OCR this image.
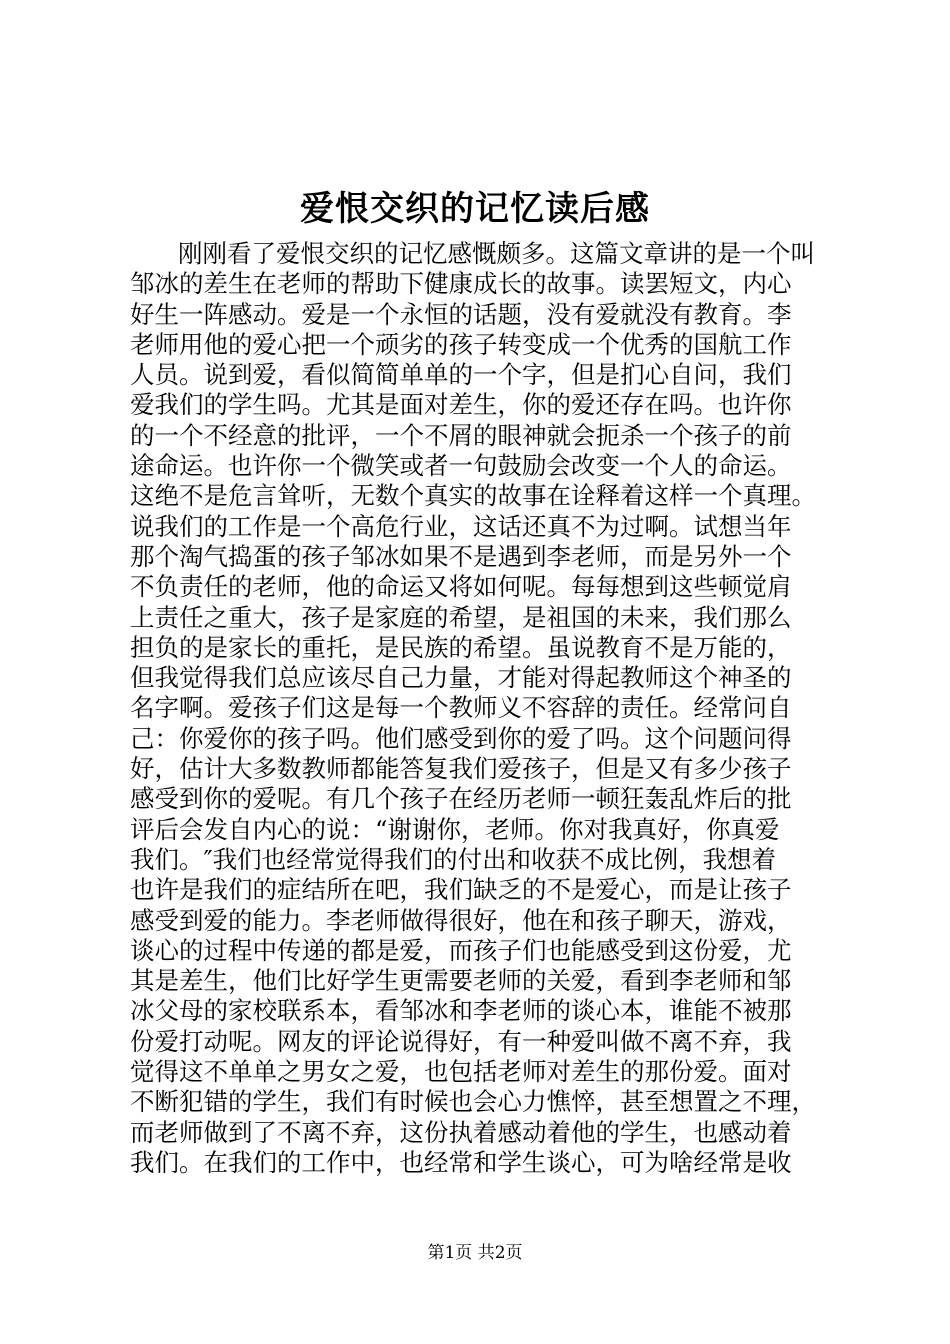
爱恨交织的记忆读后感
刚刚看了爱恨交织的记忆感慨颇多。这篇文章讲的是一个叫
邹冰的差生在老师的帮助下健康成长的故事。读罢短文，内心
好生一阵感动。爱是一个永恒的话题，没有爱就没有教育。李
老师用他的爱心把一个顽劣的孩子转变成一个优秀的国航工作
人员。说到爱，看似简简单单的一个字，但是扪心自问，我们
爱我们的学生吗。尤其是面对差生，你的爱还存在吗。也许你
的一个不经意的批评，一个不屑的眼神就会扼杀一个孩子的前
途命运。也许你一个微笑或者一句鼓励会改变一个人的命运。
这绝不是危言耸听，无数个真实的故事在诠释着这样一个真理。
说我们的工作是一个高危行业，这话还真不为过啊。试想当年
那个淘气捣蛋的孩子邹冰如果不是遇到李老师，而是另外一个
不负责任的老师，他的命运又将如何呢。每每想到这些顿觉肩
上责任之重大，孩子是家庭的希望，是祖国的未来，我们那么
担负的是家长的重托，是民族的希望。虽说教育不是万能的，
但我觉得我们总应该尽自己力量，才能对得起教师这个神圣的
名字啊。爱孩子们这是每一个教师义不容辞的责任。经常问自
己：你爱你的孩子吗。他们感受到你的爱了吗。这个问题问得
好，估计大多数教师都能答复我们爱孩子，但是又有多少孩子
感受到你的爱呢。有几个孩子在经历老师一顿狂轰乱炸后的批
评后会发自内心的说：“谢谢你，老师。你对我真好，你真爱
我们。″我们也经常觉得我们的付出和收获不成比例，我想着
也许是我们的症结所在吧，我们缺乏的不是爱心，而是让孩子
感受到爱的能力。李老师做得很好，他在和孩子聊天，游戏，
谈心的过程中传递的都是爱，而孩子们也能感受到这份爱，尤
其是差生，他们比好学生更需要老师的关爱，看到李老师和邹
冰父母的家校联系本，看邹冰和李老师的谈心本，谁能不被那
份爱打动呢。网友的评论说得好，有一种爱叫做不离不弃，我
觉得这不单单之男女之爱，也包括老师对差生的那份爱。面对
不断犯错的学生，我们有时候也会心力憔悴，甚至想置之不理，
而老师做到了不离不弃，这份执着感动着他的学生，也感动着
我们。在我们的工作中，也经常和学生谈心，可为啥经常是收
第1页 共2页
